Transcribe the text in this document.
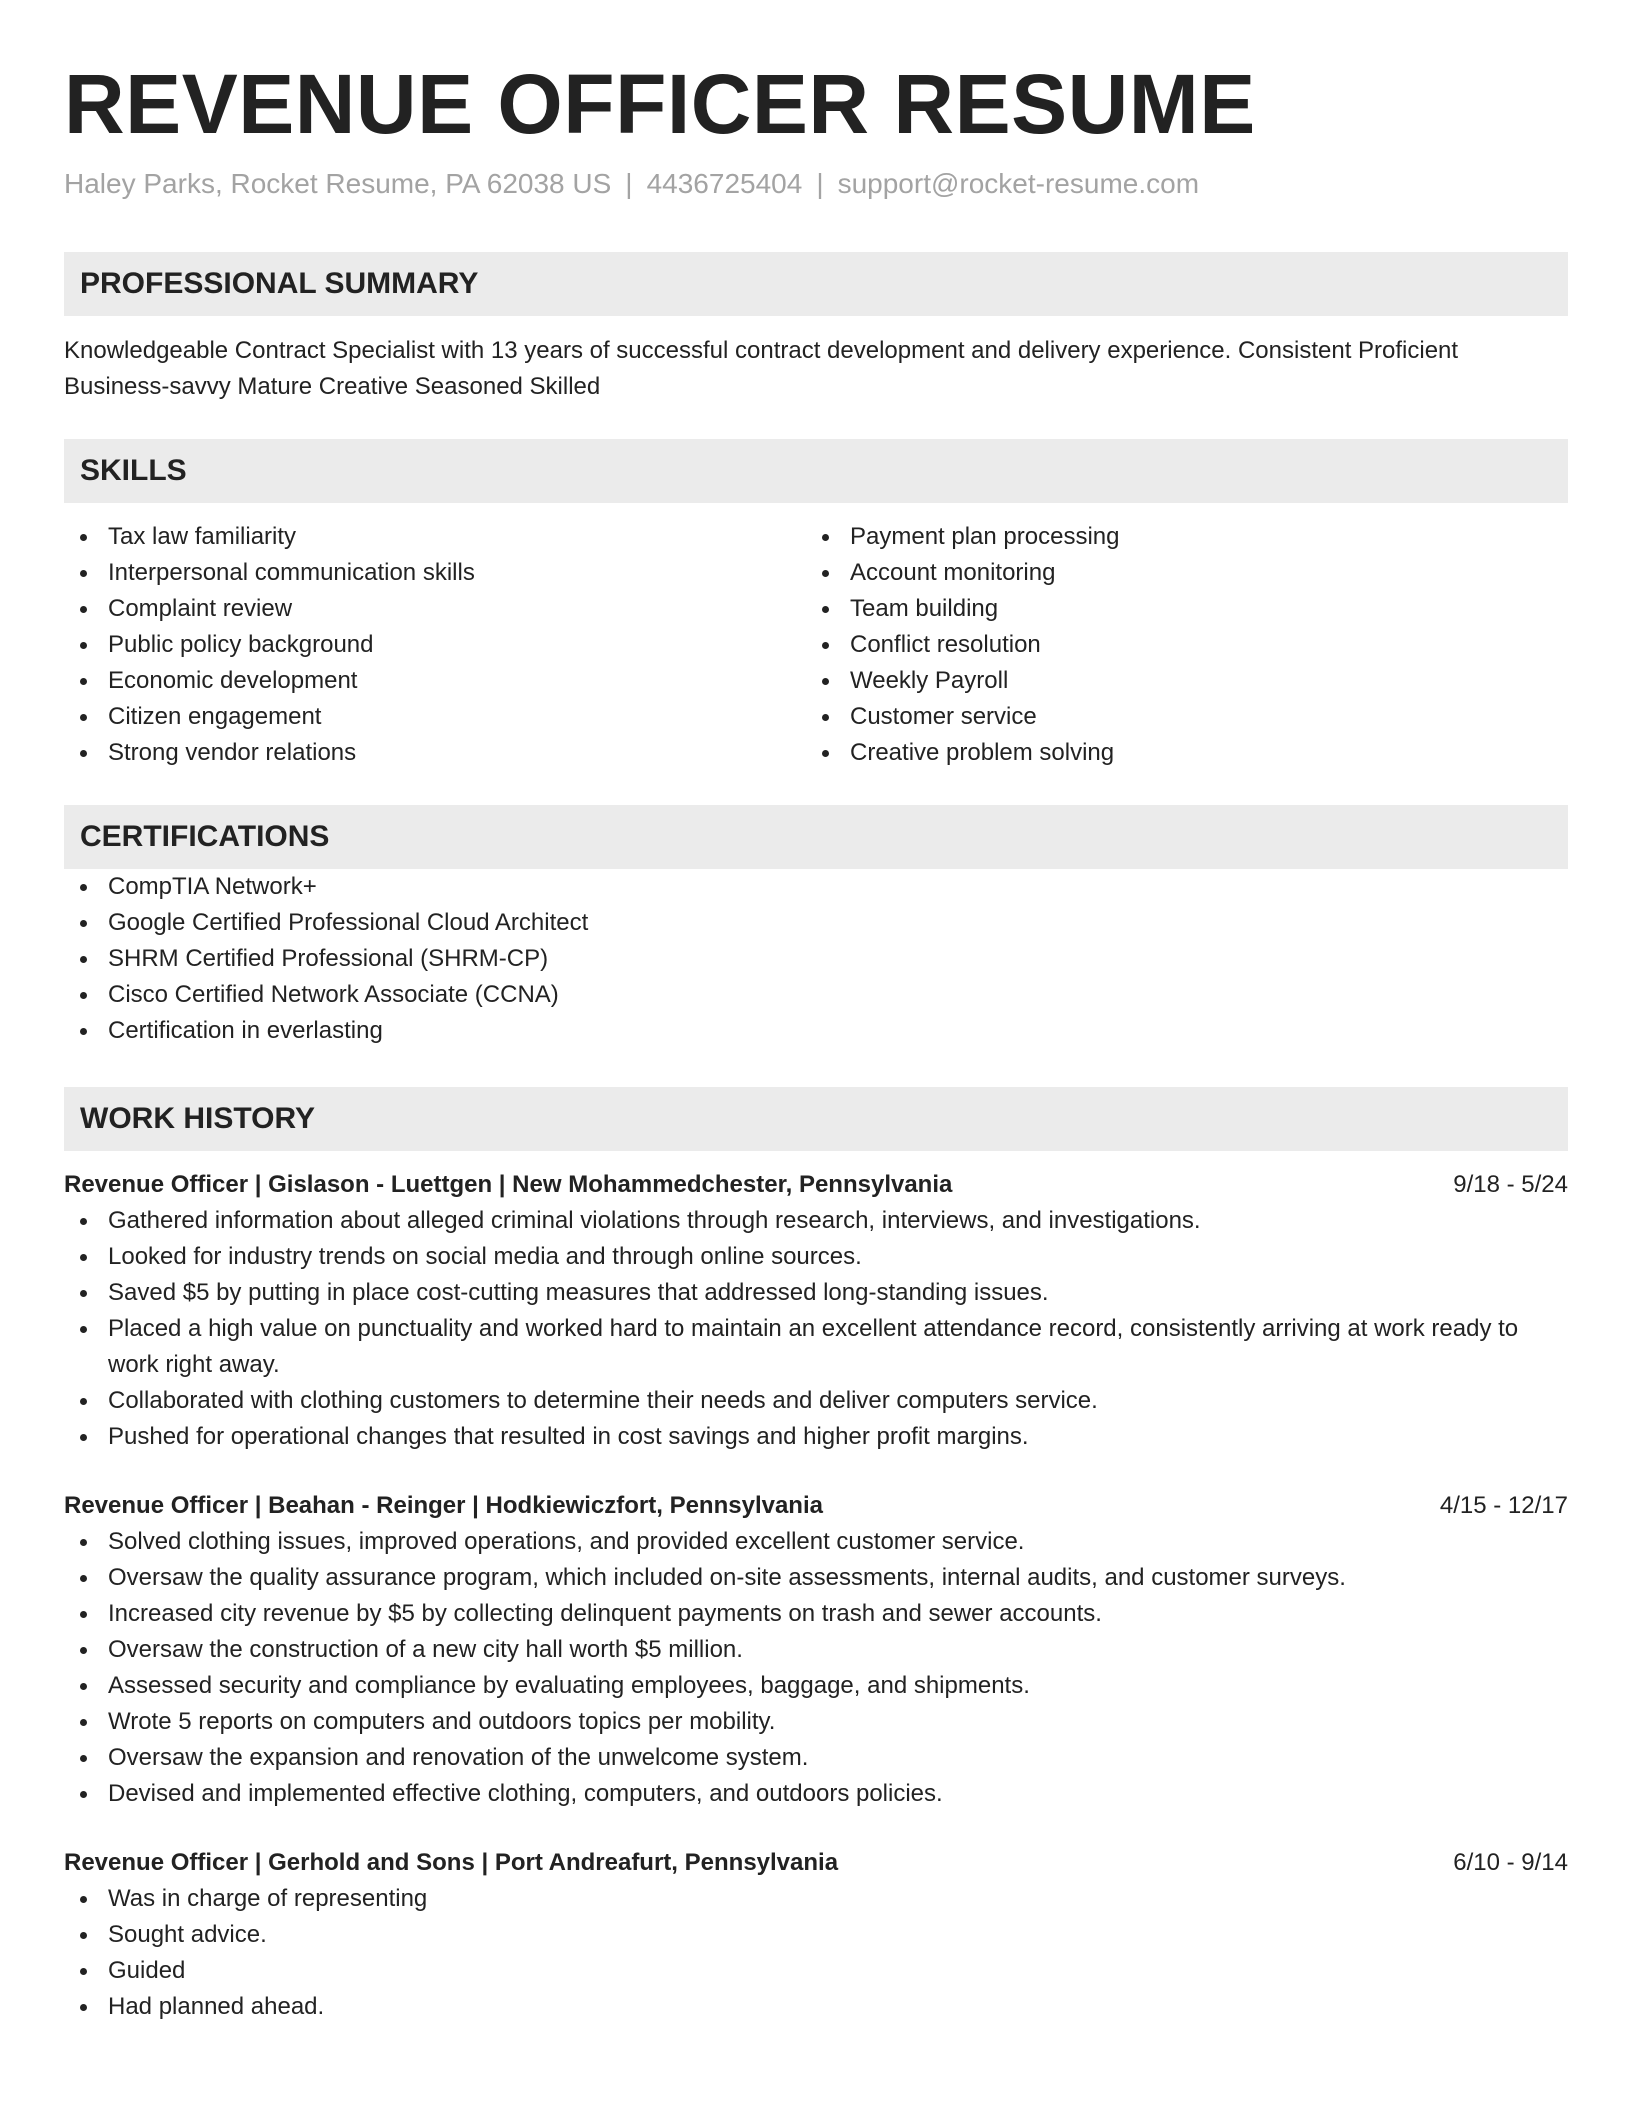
REVENUE OFFICER RESUME
Haley Parks, Rocket Resume, PA 62038 US | 4436725404 | support@rocket-resume.com
PROFESSIONAL SUMMARY
Knowledgeable Contract Specialist with 13 years of successful contract development and delivery experience. Consistent Proficient Business-savvy Mature Creative Seasoned Skilled
SKILLS
Tax law familiarity
Interpersonal communication skills
Complaint review
Public policy background
Economic development
Citizen engagement
Strong vendor relations
Payment plan processing
Account monitoring
Team building
Conflict resolution
Weekly Payroll
Customer service
Creative problem solving
CERTIFICATIONS
CompTIA Network+
Google Certified Professional Cloud Architect
SHRM Certified Professional (SHRM-CP)
Cisco Certified Network Associate (CCNA)
Certification in everlasting
WORK HISTORY
Revenue Officer | Gislason - Luettgen | New Mohammedchester, Pennsylvania	9/18 - 5/24
Gathered information about alleged criminal violations through research, interviews, and investigations.
Looked for industry trends on social media and through online sources.
Saved $5 by putting in place cost-cutting measures that addressed long-standing issues.
Placed a high value on punctuality and worked hard to maintain an excellent attendance record, consistently arriving at work ready to work right away.
Collaborated with clothing customers to determine their needs and deliver computers service.
Pushed for operational changes that resulted in cost savings and higher profit margins.
Revenue Officer | Beahan - Reinger | Hodkiewiczfort, Pennsylvania	4/15 - 12/17
Solved clothing issues, improved operations, and provided excellent customer service.
Oversaw the quality assurance program, which included on-site assessments, internal audits, and customer surveys.
Increased city revenue by $5 by collecting delinquent payments on trash and sewer accounts.
Oversaw the construction of a new city hall worth $5 million.
Assessed security and compliance by evaluating employees, baggage, and shipments.
Wrote 5 reports on computers and outdoors topics per mobility.
Oversaw the expansion and renovation of the unwelcome system.
Devised and implemented effective clothing, computers, and outdoors policies.
Revenue Officer | Gerhold and Sons | Port Andreafurt, Pennsylvania	6/10 - 9/14
Was in charge of representing
Sought advice.
Guided
Had planned ahead.
